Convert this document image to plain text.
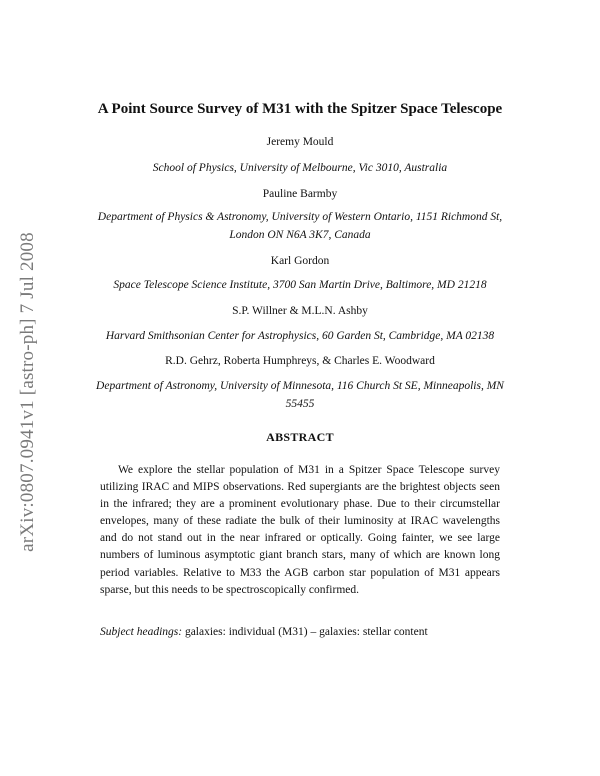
arXiv:0807.0941v1 [astro-ph] 7 Jul 2008
A Point Source Survey of M31 with the Spitzer Space Telescope
Jeremy Mould
School of Physics, University of Melbourne, Vic 3010, Australia
Pauline Barmby
Department of Physics & Astronomy, University of Western Ontario, 1151 Richmond St,
London ON N6A 3K7, Canada
Karl Gordon
Space Telescope Science Institute, 3700 San Martin Drive, Baltimore, MD 21218
S.P. Willner & M.L.N. Ashby
Harvard Smithsonian Center for Astrophysics, 60 Garden St, Cambridge, MA 02138
R.D. Gehrz, Roberta Humphreys, & Charles E. Woodward
Department of Astronomy, University of Minnesota, 116 Church St SE, Minneapolis, MN
55455
ABSTRACT

We explore the stellar population of M31 in a Spitzer Space Telescope survey utilizing IRAC and MIPS observations. Red supergiants are the brightest objects seen in the infrared; they are a prominent evolutionary phase. Due to their circumstellar envelopes, many of these radiate the bulk of their luminosity at IRAC wavelengths and do not stand out in the near infrared or optically. Going fainter, we see large numbers of luminous asymptotic giant branch stars, many of which are known long period variables. Relative to M33 the AGB carbon star population of M31 appears sparse, but this needs to be spectroscopically confirmed.

Subject headings: galaxies: individual (M31) – galaxies: stellar content
